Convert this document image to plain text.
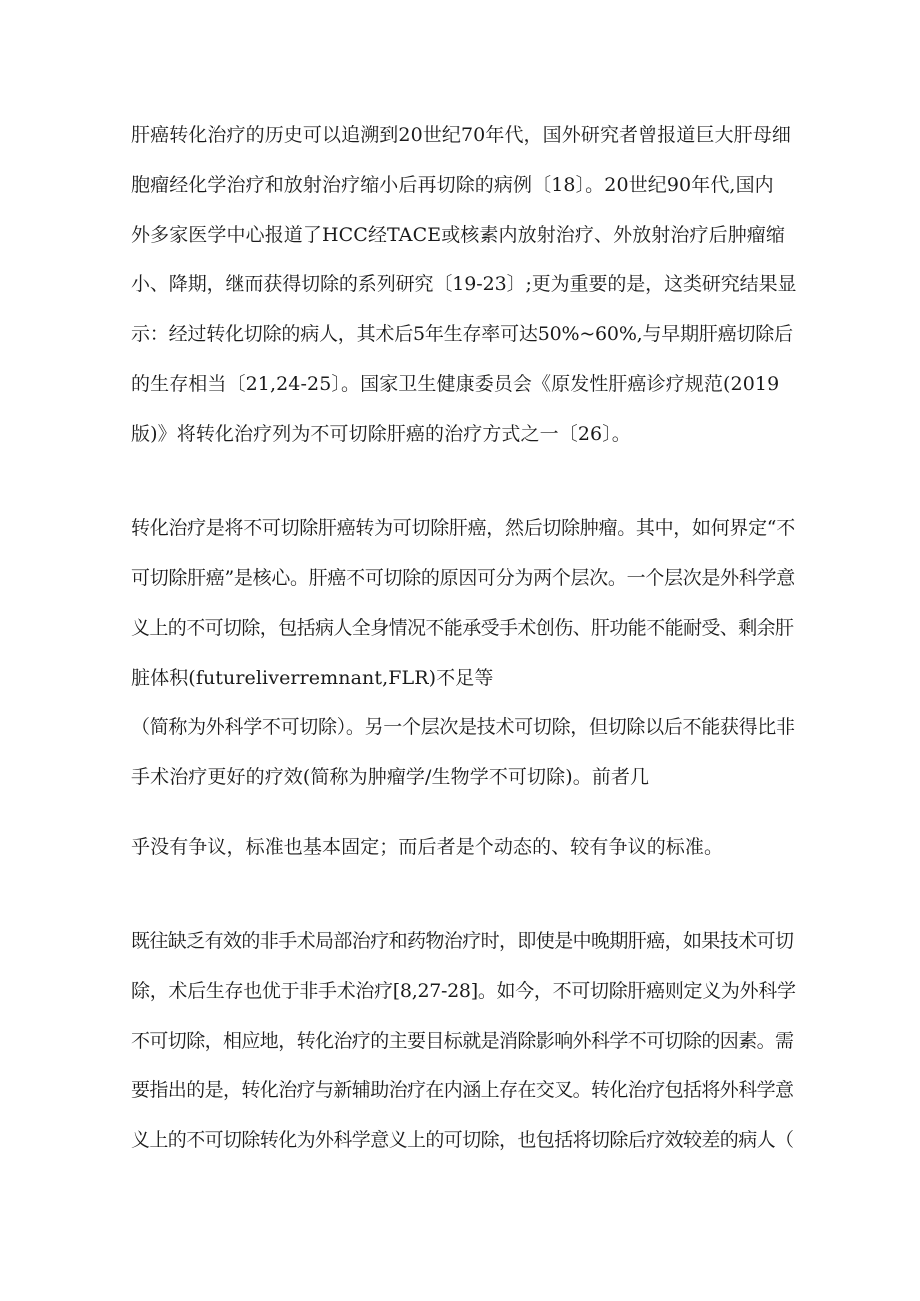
肝癌转化治疗的历史可以追溯到20世纪70年代，国外研究者曾报道巨大肝母细

胞瘤经化学治疗和放射治疗缩小后再切除的病例〔18〕。20世纪90年代,国内

外多家医学中心报道了HCC经TACE或核素内放射治疗、外放射治疗后肿瘤缩

小、降期，继而获得切除的系列研究〔19-23〕;更为重要的是，这类研究结果显

示：经过转化切除的病人，其术后5年生存率可达50%~60%,与早期肝癌切除后

的生存相当〔21,24-25〕。国家卫生健康委员会《原发性肝癌诊疗规范(2019

版)》将转化治疗列为不可切除肝癌的治疗方式之一〔26〕。

转化治疗是将不可切除肝癌转为可切除肝癌，然后切除肿瘤。其中，如何界定“不

可切除肝癌”是核心。肝癌不可切除的原因可分为两个层次。一个层次是外科学意

义上的不可切除，包括病人全身情况不能承受手术创伤、肝功能不能耐受、剩余肝

脏体积(futureliverremnant,FLR)不足等

（简称为外科学不可切除）。另一个层次是技术可切除，但切除以后不能获得比非

手术治疗更好的疗效(简称为肿瘤学/生物学不可切除)。前者几

乎没有争议，标准也基本固定；而后者是个动态的、较有争议的标准。

既往缺乏有效的非手术局部治疗和药物治疗时，即使是中晚期肝癌，如果技术可切

除，术后生存也优于非手术治疗[8,27-28]。如今，不可切除肝癌则定义为外科学

不可切除，相应地，转化治疗的主要目标就是消除影响外科学不可切除的因素。需

要指出的是，转化治疗与新辅助治疗在内涵上存在交叉。转化治疗包括将外科学意

义上的不可切除转化为外科学意义上的可切除，也包括将切除后疗效较差的病人（
